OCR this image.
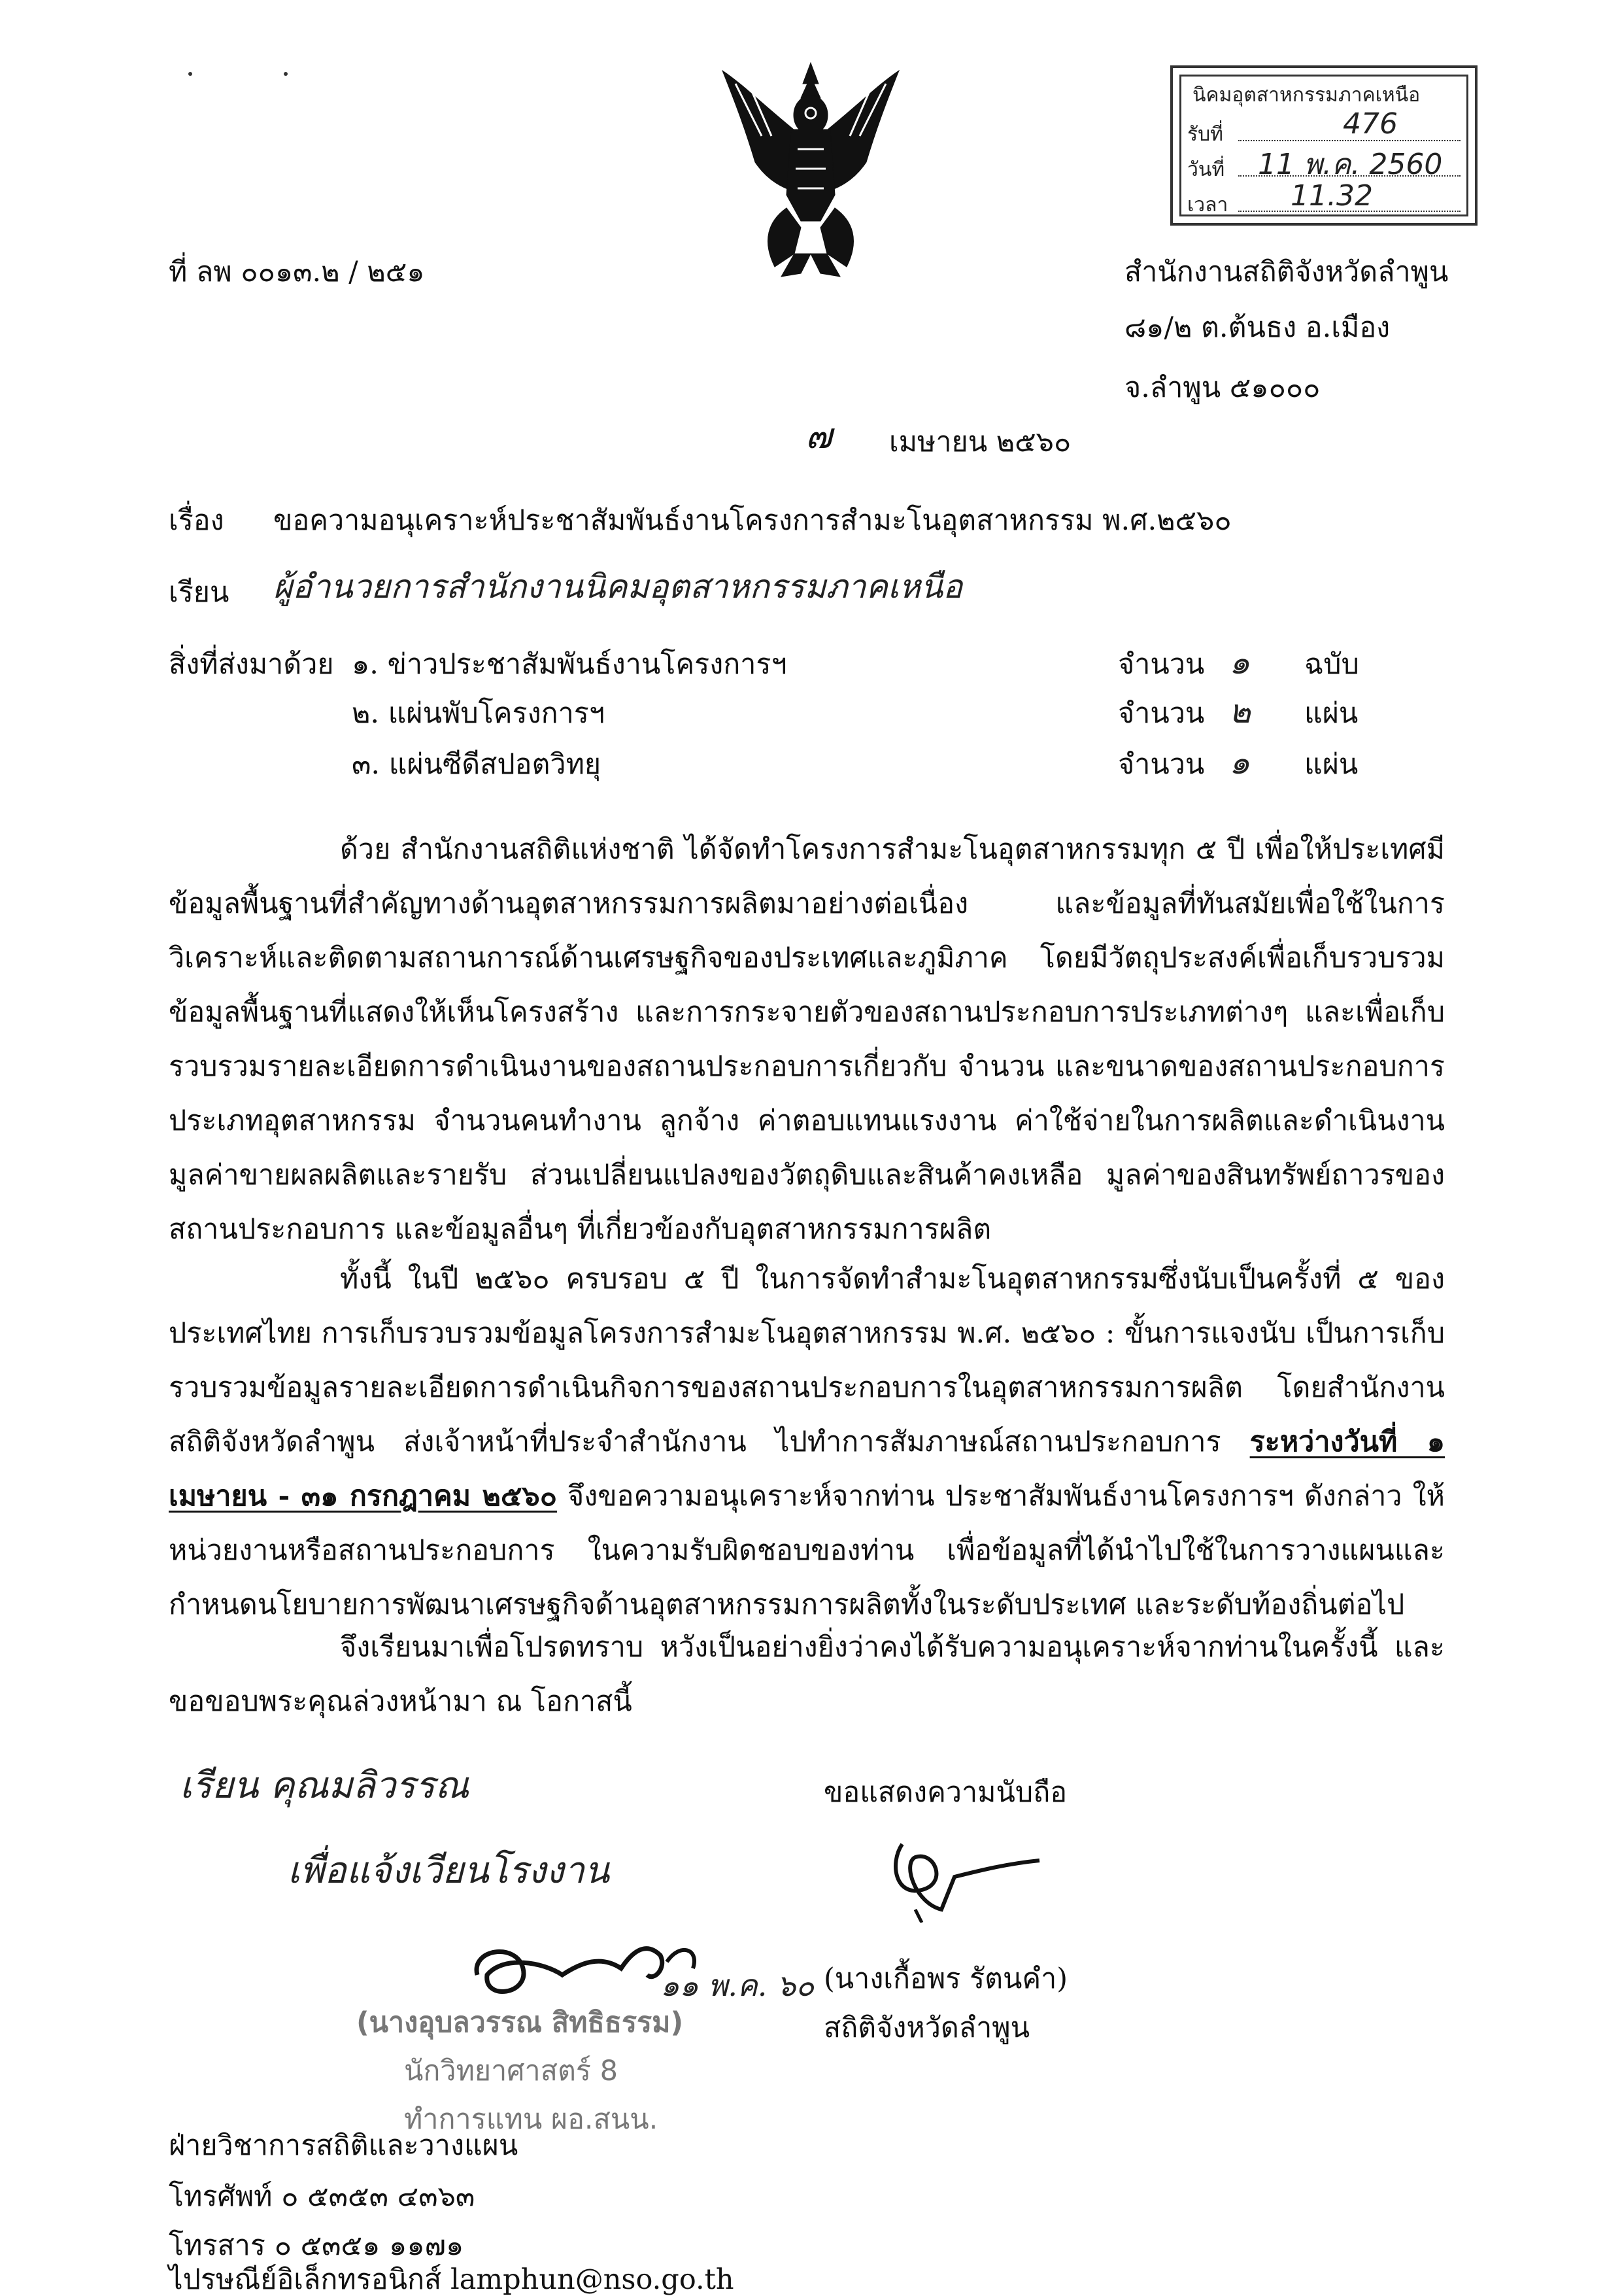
นิคมอุตสาหกรรมภาคเหนือ
รับที่	476
วันที่ 11 พ.ค. 2560
เวลา 11.32
ที่ ลพ ๐๐๑๓.๒ / ๒๕๑	สำนักงานสถิติจังหวัดลำพูน
๘๑/๒ ต.ต้นธง อ.เมือง
จ.ลำพูน ๕๑๐๐๐
๗ เมษายน ๒๕๖๐
เรื่อง ขอความอนุเคราะห์ประชาสัมพันธ์งานโครงการสำมะโนอุตสาหกรรม พ.ศ.๒๕๖๐
เรียน ผู้อำนวยการสำนักงานนิคมอุตสาหกรรมภาคเหนือ
สิ่งที่ส่งมาด้วย ๑. ข่าวประชาสัมพันธ์งานโครงการฯ	จำนวน ๑ ฉบับ
๒. แผ่นพับโครงการฯ	จำนวน ๒ แผ่น
๓. แผ่นซีดีสปอตวิทยุ	จำนวน ๑ แผ่น
ด้วย สำนักงานสถิติแห่งชาติ ได้จัดทำโครงการสำมะโนอุตสาหกรรมทุก ๕ ปี เพื่อให้ประเทศมีข้อมูลพื้นฐานที่สำคัญทางด้านอุตสาหกรรมการผลิตมาอย่างต่อเนื่อง และข้อมูลที่ทันสมัยเพื่อใช้ในการวิเคราะห์และติดตามสถานการณ์ด้านเศรษฐกิจของประเทศและภูมิภาค โดยมีวัตถุประสงค์เพื่อเก็บรวบรวมข้อมูลพื้นฐานที่แสดงให้เห็นโครงสร้าง และการกระจายตัวของสถานประกอบการประเภทต่างๆ และเพื่อเก็บรวบรวมรายละเอียดการดำเนินงานของสถานประกอบการเกี่ยวกับ จำนวน และขนาดของสถานประกอบการ ประเภทอุตสาหกรรม จำนวนคนทำงาน ลูกจ้าง ค่าตอบแทนแรงงาน ค่าใช้จ่ายในการผลิตและดำเนินงาน มูลค่าขายผลผลิตและรายรับ ส่วนเปลี่ยนแปลงของวัตถุดิบและสินค้าคงเหลือ มูลค่าของสินทรัพย์ถาวรของสถานประกอบการ และข้อมูลอื่นๆ ที่เกี่ยวข้องกับอุตสาหกรรมการผลิต
ทั้งนี้ ในปี ๒๕๖๐ ครบรอบ ๕ ปี ในการจัดทำสำมะโนอุตสาหกรรมซึ่งนับเป็นครั้งที่ ๕ ของประเทศไทย การเก็บรวบรวมข้อมูลโครงการสำมะโนอุตสาหกรรม พ.ศ. ๒๕๖๐ : ขั้นการแจงนับ เป็นการเก็บรวบรวมข้อมูลรายละเอียดการดำเนินกิจการของสถานประกอบการในอุตสาหกรรมการผลิต โดยสำนักงานสถิติจังหวัดลำพูน ส่งเจ้าหน้าที่ประจำสำนักงาน ไปทำการสัมภาษณ์สถานประกอบการ ระหว่างวันที่ ๑ เมษายน - ๓๑ กรกฎาคม ๒๕๖๐ จึงขอความอนุเคราะห์จากท่าน ประชาสัมพันธ์งานโครงการฯ ดังกล่าว ให้หน่วยงานหรือสถานประกอบการ ในความรับผิดชอบของท่าน เพื่อข้อมูลที่ได้นำไปใช้ในการวางแผนและกำหนดนโยบายการพัฒนาเศรษฐกิจด้านอุตสาหกรรมการผลิตทั้งในระดับประเทศ และระดับท้องถิ่นต่อไป
จึงเรียนมาเพื่อโปรดทราบ หวังเป็นอย่างยิ่งว่าคงได้รับความอนุเคราะห์จากท่านในครั้งนี้ และขอขอบพระคุณล่วงหน้ามา ณ โอกาสนี้
เรียน คุณมลิวรรณ
เพื่อแจ้งเวียนโรงงาน
ขอแสดงความนับถือ
๑๑ พ.ค. ๖๐ (นางเกื้อพร รัตนคำ)
สถิติจังหวัดลำพูน
(นางอุบลวรรณ สิทธิธรรม)
นักวิทยาศาสตร์ 8
ทำการแทน ผอ.สนน.
ฝ่ายวิชาการสถิติและวางแผน
โทรศัพท์ ๐ ๕๓๕๓ ๔๓๖๓
โทรสาร ๐ ๕๓๕๑ ๑๑๗๑
ไปรษณีย์อิเล็กทรอนิกส์ lamphun@nso.go.th
